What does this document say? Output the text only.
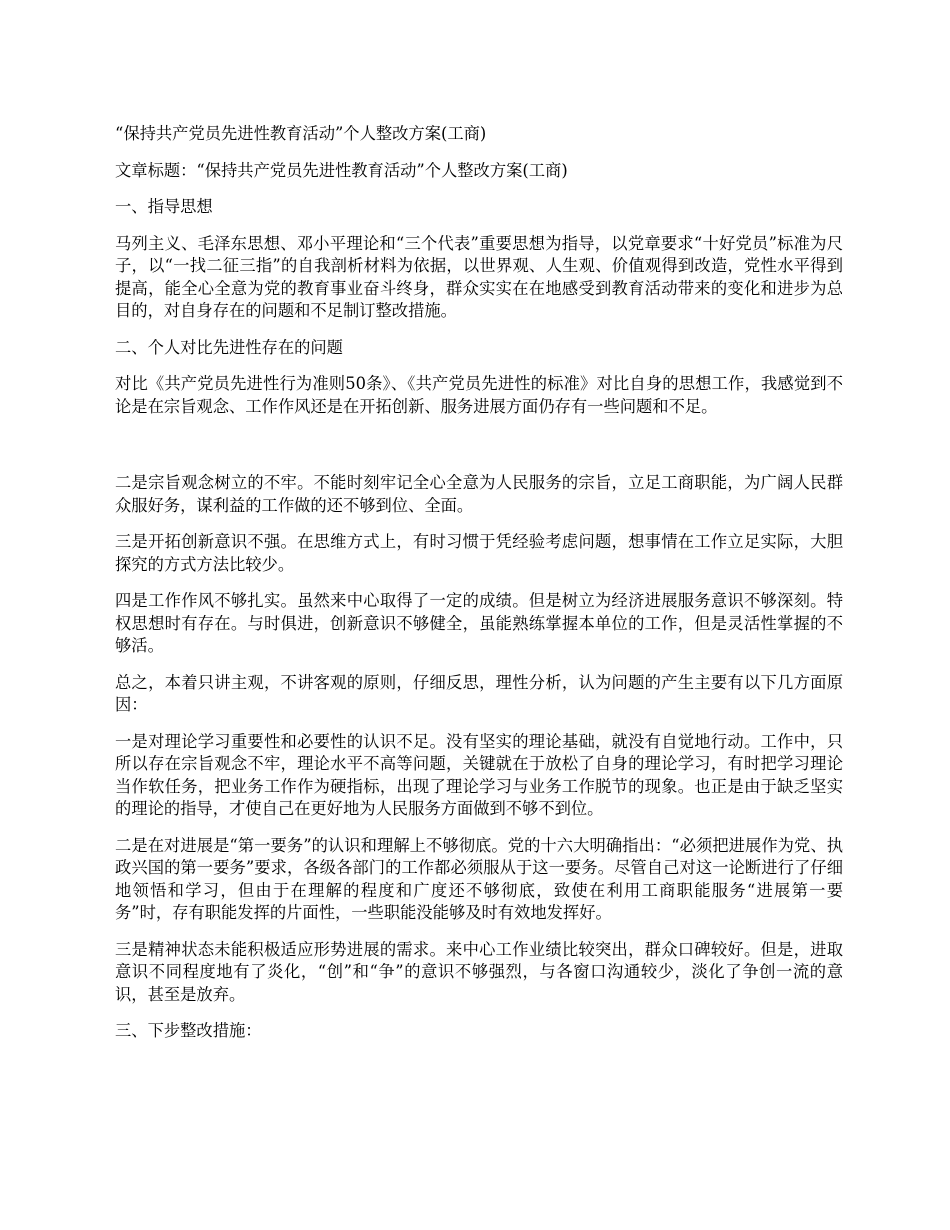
“保持共产党员先进性教育活动”个人整改方案(工商)

文章标题：“保持共产党员先进性教育活动”个人整改方案(工商)

一、指导思想

马列主义、毛泽东思想、邓小平理论和“三个代表”重要思想为指导，以党章要求“十好党员”标准为尺子，以“一找二征三指”的自我剖析材料为依据，以世界观、人生观、价值观得到改造，党性水平得到提高，能全心全意为党的教育事业奋斗终身，群众实实在在地感受到教育活动带来的变化和进步为总目的，对自身存在的问题和不足制订整改措施。

二、个人对比先进性存在的问题

对比《共产党员先进性行为准则50条》、《共产党员先进性的标准》对比自身的思想工作，我感觉到不论是在宗旨观念、工作作风还是在开拓创新、服务进展方面仍存有一些问题和不足。

二是宗旨观念树立的不牢。不能时刻牢记全心全意为人民服务的宗旨，立足工商职能，为广阔人民群众服好务，谋利益的工作做的还不够到位、全面。

三是开拓创新意识不强。在思维方式上，有时习惯于凭经验考虑问题，想事情在工作立足实际，大胆探究的方式方法比较少。

四是工作作风不够扎实。虽然来中心取得了一定的成绩。但是树立为经济进展服务意识不够深刻。特权思想时有存在。与时俱进，创新意识不够健全，虽能熟练掌握本单位的工作，但是灵活性掌握的不够活。

总之，本着只讲主观，不讲客观的原则，仔细反思，理性分析，认为问题的产生主要有以下几方面原因：

一是对理论学习重要性和必要性的认识不足。没有坚实的理论基础，就没有自觉地行动。工作中，只所以存在宗旨观念不牢，理论水平不高等问题，关键就在于放松了自身的理论学习，有时把学习理论当作软任务，把业务工作作为硬指标，出现了理论学习与业务工作脱节的现象。也正是由于缺乏坚实的理论的指导，才使自己在更好地为人民服务方面做到不够不到位。

二是在对进展是“第一要务”的认识和理解上不够彻底。党的十六大明确指出：“必须把进展作为党、执政兴国的第一要务”要求，各级各部门的工作都必须服从于这一要务。尽管自己对这一论断进行了仔细地领悟和学习，但由于在理解的程度和广度还不够彻底，致使在利用工商职能服务“进展第一要务”时，存有职能发挥的片面性，一些职能没能够及时有效地发挥好。

三是精神状态未能积极适应形势进展的需求。来中心工作业绩比较突出，群众口碑较好。但是，进取意识不同程度地有了炎化，“创”和“争”的意识不够强烈，与各窗口沟通较少，淡化了争创一流的意识，甚至是放弃。

三、下步整改措施：
